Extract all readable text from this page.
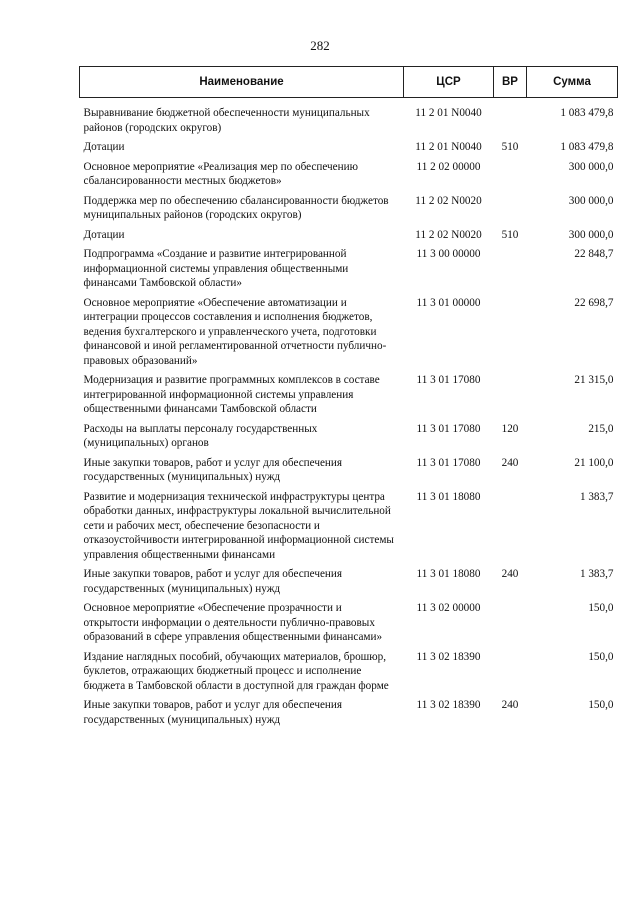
282
Наименование	ЦСР	ВР	Сумма

Выравнивание бюджетной обеспеченности муниципальных районов (городских округов)	11 2 01 N0040		1 083 479,8
Дотации	11 2 01 N0040	510	1 083 479,8
Основное мероприятие «Реализация мер по обеспечению сбалансированности местных бюджетов»	11 2 02 00000		300 000,0
Поддержка мер по обеспечению сбалансированности бюджетов муниципальных районов (городских округов)	11 2 02 N0020		300 000,0
Дотации	11 2 02 N0020	510	300 000,0
Подпрограмма «Создание и развитие интегрированной информационной системы управления общественными финансами Тамбовской области»	11 3 00 00000		22 848,7
Основное мероприятие «Обеспечение автоматизации и интеграции процессов составления и исполнения бюджетов, ведения бухгалтерского и управленческого учета, подготовки финансовой и иной регламентированной отчетности публично-правовых образований»	11 3 01 00000		22 698,7
Модернизация и развитие программных комплексов в составе интегрированной информационной системы управления общественными финансами Тамбовской области	11 3 01 17080		21 315,0
Расходы на выплаты персоналу государственных (муниципальных) органов	11 3 01 17080	120	215,0
Иные закупки товаров, работ и услуг для обеспечения государственных (муниципальных) нужд	11 3 01 17080	240	21 100,0
Развитие и модернизация технической инфраструктуры центра обработки данных, инфраструктуры локальной вычислительной сети и рабочих мест, обеспечение безопасности и отказоустойчивости интегрированной информационной системы управления общественными финансами	11 3 01 18080		1 383,7
Иные закупки товаров, работ и услуг для обеспечения государственных (муниципальных) нужд	11 3 01 18080	240	1 383,7
Основное мероприятие «Обеспечение прозрачности и открытости информации о деятельности публично-правовых образований в сфере управления общественными финансами»	11 3 02 00000		150,0
Издание наглядных пособий, обучающих материалов, брошюр, буклетов, отражающих бюджетный процесс и исполнение бюджета в Тамбовской области в доступной для граждан форме	11 3 02 18390		150,0
Иные закупки товаров, работ и услуг для обеспечения государственных (муниципальных) нужд	11 3 02 18390	240	150,0
